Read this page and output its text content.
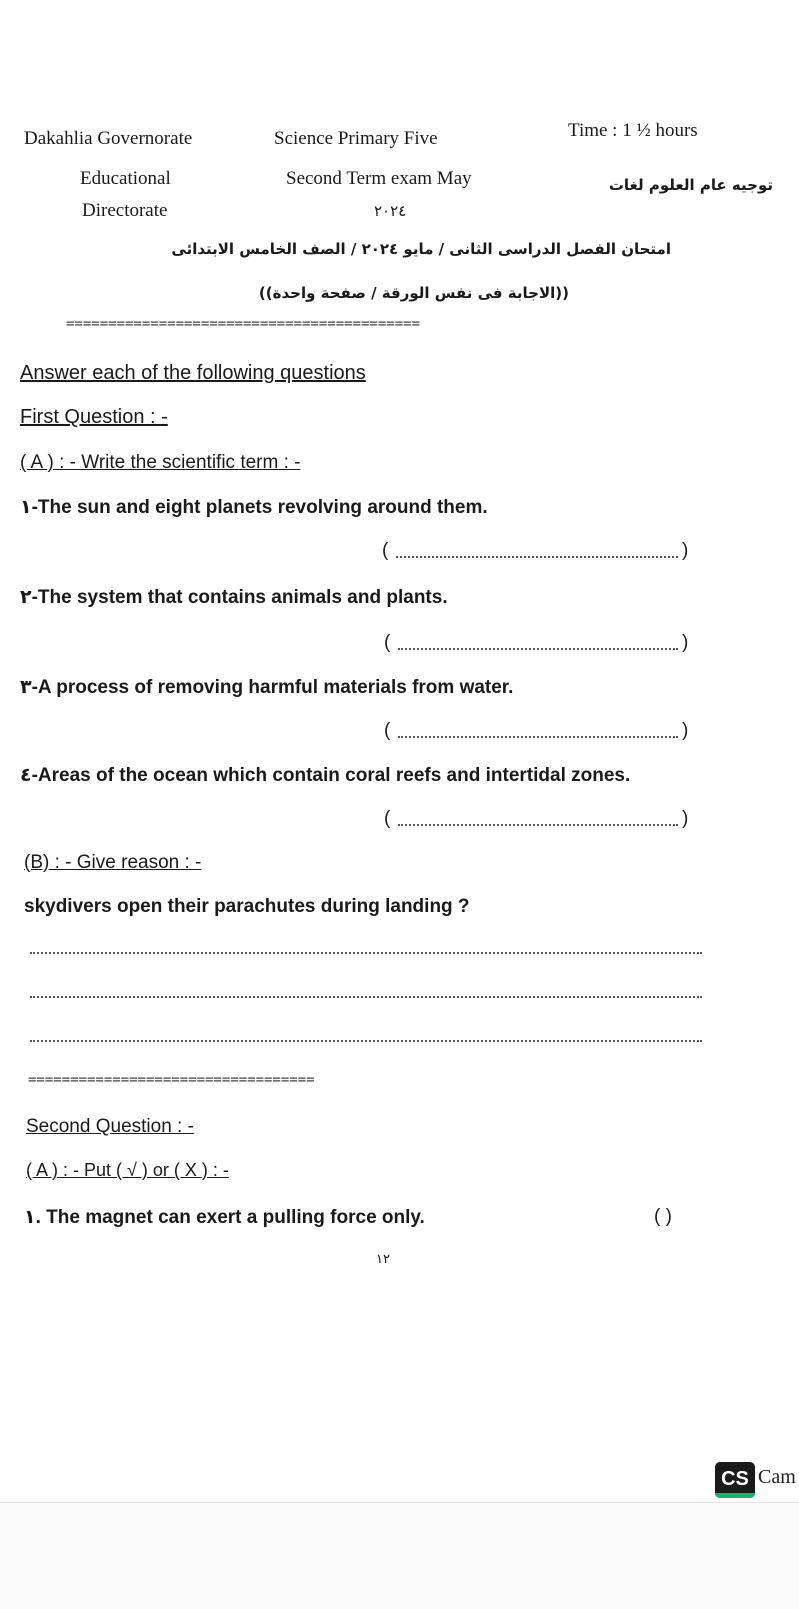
Dakahlia Governorate
Educational
Directorate
Science Primary Five
Second Term exam May
٢٠٢٤
Time : 1 ½ hours
توجيه عام العلوم لغات
امتحان الفصل الدراسى الثانى / مايو ٢٠٢٤ / الصف الخامس الابتدائى
((الاجابة فى نفس الورقة / صفحة واحدة))
==========================================
Answer each of the following questions
First Question : -
( A ) : - Write the scientific term : -
١-The sun and eight planets revolving around them.
(	)
٢-The system that contains animals and plants.
(	)
٣-A process of removing harmful materials from water.
(	)
٤-Areas of the ocean which contain coral reefs and intertidal zones.
(	)
(B) : - Give reason : -
skydivers open their parachutes during landing ?
==================================
Second Question : -
( A ) : - Put ( √ ) or ( X ) : -
١. The magnet can exert a pulling force only.	( )
١٢
CS Cam
